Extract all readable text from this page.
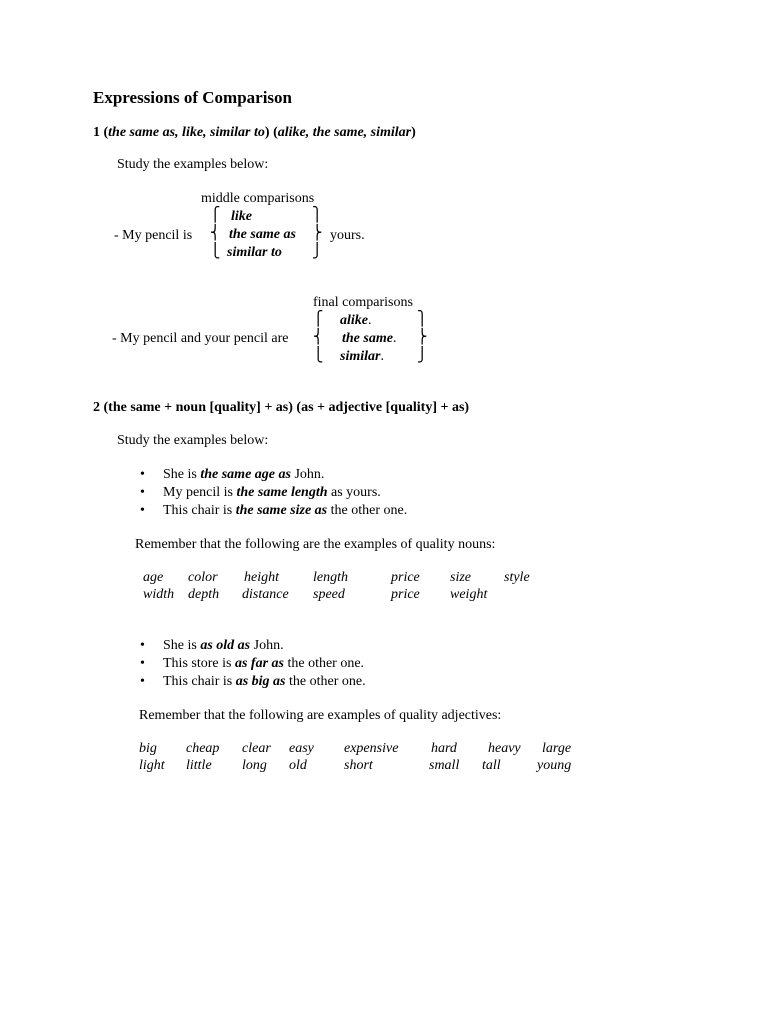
Expressions of Comparison
1 (the same as, like, similar to) (alike, the same, similar)
Study the examples below:
middle comparisons
- My pencil is
⎧
⎨
⎩
like
the same as
similar to
⎫
⎬
⎭
yours.
final comparisons
- My pencil and your pencil are
⎧
⎨
⎩
alike.
the same.
similar.
⎫
⎬
⎭
2 (the same + noun [quality] + as) (as + adjective [quality] + as)
Study the examples below:
• She is the same age as John.
• My pencil is the same length as yours.
• This chair is the same size as the other one.
Remember that the following are the examples of quality nouns:
age color height length	price size style
width depth distance speed	price weight
• She is as old as John.
• This store is as far as the other one.
• This chair is as big as the other one.
Remember that the following are examples of quality adjectives:
big cheap clear easy expensive hard heavy large
light little long old	short	small tall	young
